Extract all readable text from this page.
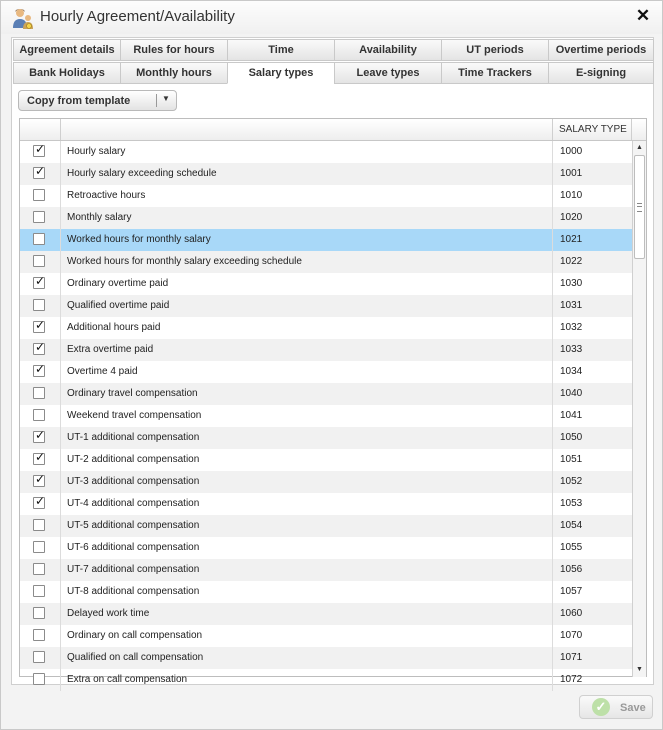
Hourly Agreement/Availability	✕
Agreement details	Rules for hours	Time	Availability	UT periods	Overtime periods
Bank Holidays	Monthly hours	Salary types	Leave types	Time Trackers	E-signing
Copy from template	▼
SALARY TYPE
✓ Hourly salary	1000
✓ Hourly salary exceeding schedule	1001
Retroactive hours	1010
Monthly salary	1020
Worked hours for monthly salary	1021
Worked hours for monthly salary exceeding schedule	1022
✓ Ordinary overtime paid	1030
Qualified overtime paid	1031
✓ Additional hours paid	1032
✓ Extra overtime paid	1033
✓ Overtime 4 paid	1034
Ordinary travel compensation	1040
Weekend travel compensation	1041
✓ UT-1 additional compensation	1050
✓ UT-2 additional compensation	1051
✓ UT-3 additional compensation	1052
✓ UT-4 additional compensation	1053
UT-5 additional compensation	1054
UT-6 additional compensation	1055
UT-7 additional compensation	1056
UT-8 additional compensation	1057
Delayed work time	1060
Ordinary on call compensation	1070
Qualified on call compensation	1071
Extra on call compensation	1072
▲
▼
✓	Save
